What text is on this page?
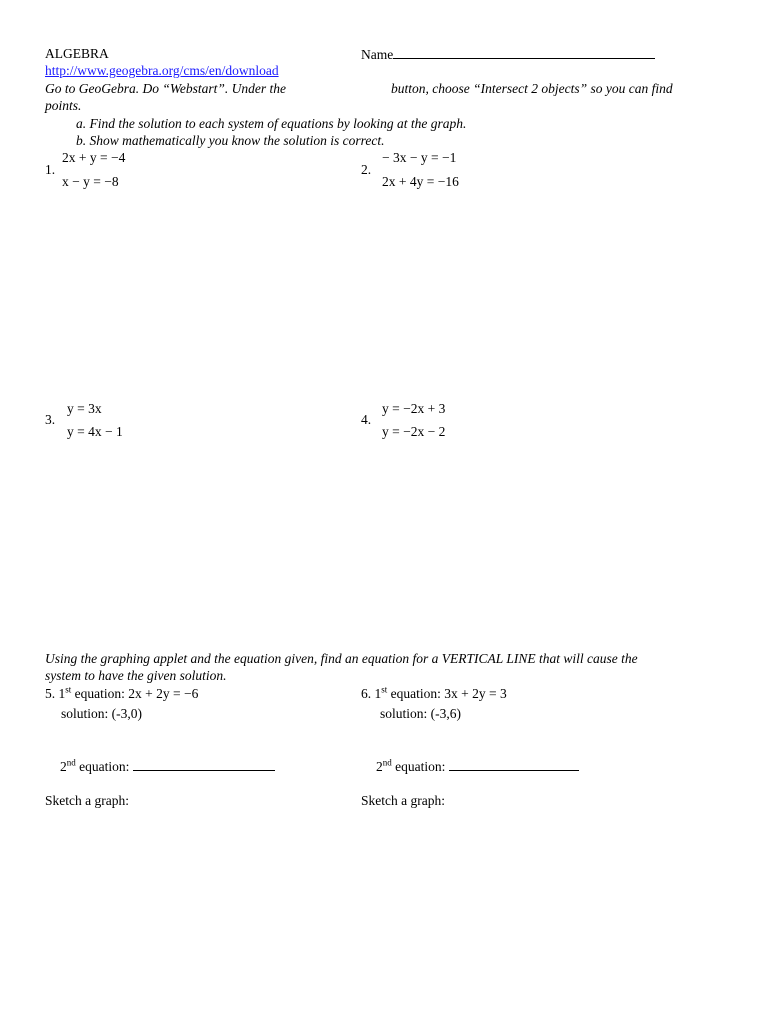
ALGEBRA	Name
http://www.geogebra.org/cms/en/download
Go to GeoGebra. Do “Webstart”. Under the	button, choose “Intersect 2 objects” so you can find
points.
a. Find the solution to each system of equations by looking at the graph.
b. Show mathematically you know the solution is correct.
1.
2x + y = −4
x − y = −8
2.
− 3x − y = −1
2x + 4y = −16
3.
y = 3x
y = 4x − 1
4.
y = −2x + 3
y = −2x − 2
Using the graphing applet and the equation given, find an equation for a VERTICAL LINE that will cause the
system to have the given solution.
5. 1st equation: 2x + 2y = −6
solution: (-3,0)
2nd equation:
Sketch a graph:
6. 1st equation: 3x + 2y = 3
solution: (-3,6)
2nd equation:
Sketch a graph:
